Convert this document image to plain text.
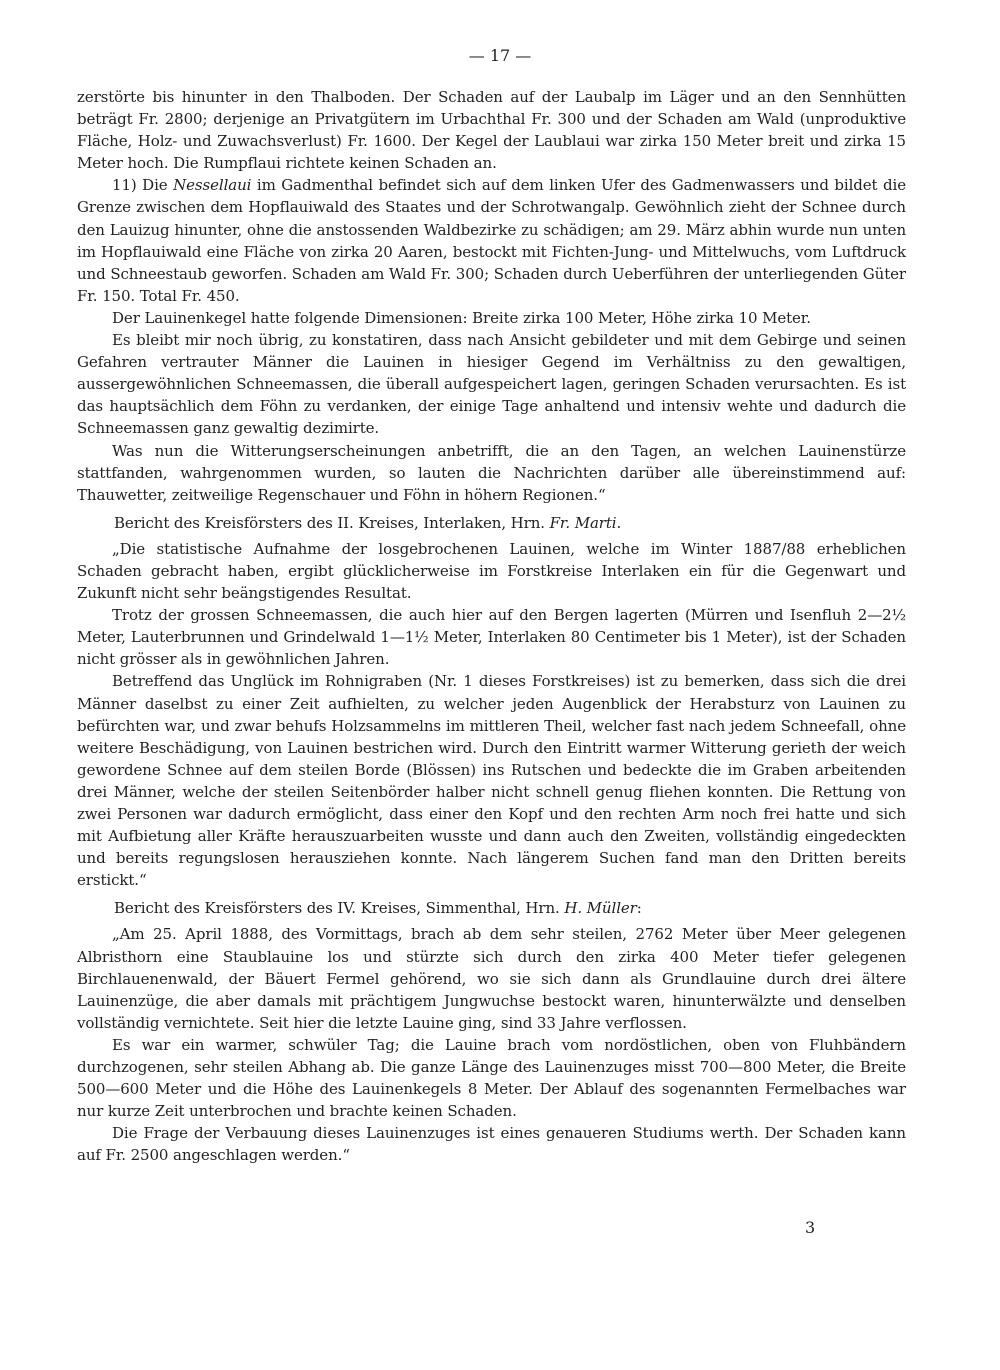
— 17 —

zerstörte bis hinunter in den Thalboden. Der Schaden auf der Laubalp im Läger und an den Sennhütten beträgt Fr. 2800; derjenige an Privatgütern im Urbachthal Fr. 300 und der Schaden am Wald (unproduktive Fläche, Holz- und Zuwachsverlust) Fr. 1600. Der Kegel der Laublaui war zirka 150 Meter breit und zirka 15 Meter hoch. Die Rumpflaui richtete keinen Schaden an.

11) Die Nessellaui im Gadmenthal befindet sich auf dem linken Ufer des Gadmenwassers und bildet die Grenze zwischen dem Hopflauiwald des Staates und der Schrotwangalp. Gewöhnlich zieht der Schnee durch den Lauizug hinunter, ohne die anstossenden Waldbezirke zu schädigen; am 29. März abhin wurde nun unten im Hopflauiwald eine Fläche von zirka 20 Aaren, bestockt mit Fichten-Jung- und Mittelwuchs, vom Luftdruck und Schneestaub geworfen. Schaden am Wald Fr. 300; Schaden durch Ueberführen der unterliegenden Güter Fr. 150. Total Fr. 450.

Der Lauinenkegel hatte folgende Dimensionen: Breite zirka 100 Meter, Höhe zirka 10 Meter.

Es bleibt mir noch übrig, zu konstatiren, dass nach Ansicht gebildeter und mit dem Gebirge und seinen Gefahren vertrauter Männer die Lauinen in hiesiger Gegend im Verhältniss zu den gewaltigen, aussergewöhnlichen Schneemassen, die überall aufgespeichert lagen, geringen Schaden verursachten. Es ist das hauptsächlich dem Föhn zu verdanken, der einige Tage anhaltend und intensiv wehte und dadurch die Schneemassen ganz gewaltig dezimirte.

Was nun die Witterungserscheinungen anbetrifft, die an den Tagen, an welchen Lauinenstürze stattfanden, wahrgenommen wurden, so lauten die Nachrichten darüber alle übereinstimmend auf: Thauwetter, zeitweilige Regenschauer und Föhn in höhern Regionen.“

Bericht des Kreisförsters des II. Kreises, Interlaken, Hrn. Fr. Marti.

„Die statistische Aufnahme der losgebrochenen Lauinen, welche im Winter 1887/88 erheblichen Schaden gebracht haben, ergibt glücklicherweise im Forstkreise Interlaken ein für die Gegenwart und Zukunft nicht sehr beängstigendes Resultat.

Trotz der grossen Schneemassen, die auch hier auf den Bergen lagerten (Mürren und Isenfluh 2—2½ Meter, Lauterbrunnen und Grindelwald 1—1½ Meter, Interlaken 80 Centimeter bis 1 Meter), ist der Schaden nicht grösser als in gewöhnlichen Jahren.

Betreffend das Unglück im Rohnigraben (Nr. 1 dieses Forstkreises) ist zu bemerken, dass sich die drei Männer daselbst zu einer Zeit aufhielten, zu welcher jeden Augenblick der Herabsturz von Lauinen zu befürchten war, und zwar behufs Holzsammelns im mittleren Theil, welcher fast nach jedem Schneefall, ohne weitere Beschädigung, von Lauinen bestrichen wird. Durch den Eintritt warmer Witterung gerieth der weich gewordene Schnee auf dem steilen Borde (Blössen) ins Rutschen und bedeckte die im Graben arbeitenden drei Männer, welche der steilen Seitenbörder halber nicht schnell genug fliehen konnten. Die Rettung von zwei Personen war dadurch ermöglicht, dass einer den Kopf und den rechten Arm noch frei hatte und sich mit Aufbietung aller Kräfte herauszuarbeiten wusste und dann auch den Zweiten, vollständig eingedeckten und bereits regungslosen herausziehen konnte. Nach längerem Suchen fand man den Dritten bereits erstickt.“

Bericht des Kreisförsters des IV. Kreises, Simmenthal, Hrn. H. Müller:

„Am 25. April 1888, des Vormittags, brach ab dem sehr steilen, 2762 Meter über Meer gelegenen Albristhorn eine Staublauine los und stürzte sich durch den zirka 400 Meter tiefer gelegenen Birchlauenenwald, der Bäuert Fermel gehörend, wo sie sich dann als Grundlauine durch drei ältere Lauinenzüge, die aber damals mit prächtigem Jungwuchse bestockt waren, hinunterwälzte und denselben vollständig vernichtete. Seit hier die letzte Lauine ging, sind 33 Jahre verflossen.

Es war ein warmer, schwüler Tag; die Lauine brach vom nordöstlichen, oben von Fluhbändern durchzogenen, sehr steilen Abhang ab. Die ganze Länge des Lauinenzuges misst 700—800 Meter, die Breite 500—600 Meter und die Höhe des Lauinenkegels 8 Meter. Der Ablauf des sogenannten Fermelbaches war nur kurze Zeit unterbrochen und brachte keinen Schaden.

Die Frage der Verbauung dieses Lauinenzuges ist eines genaueren Studiums werth. Der Schaden kann auf Fr. 2500 angeschlagen werden.“

3
